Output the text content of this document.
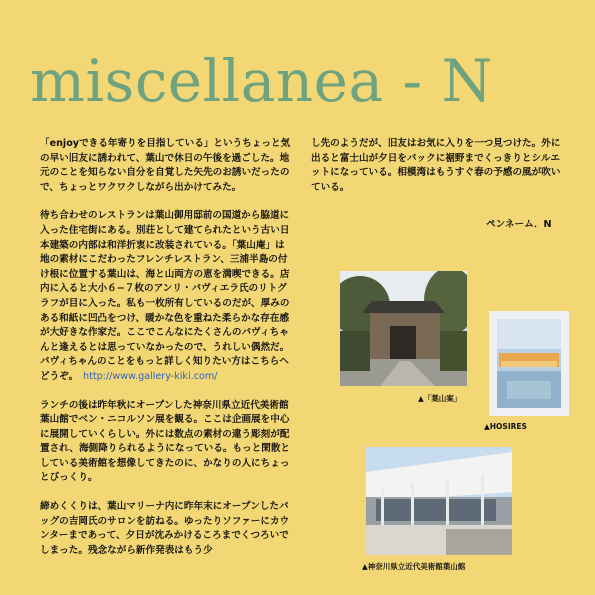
miscellanea - N

「enjoyできる年寄りを目指している」というちょっと気の早い旧友に誘われて、葉山で休日の午後を過ごした。地元のことを知らない自分を自覚した矢先のお誘いだったので、ちょっとワクワクしながら出かけてみた。

待ち合わせのレストランは葉山御用邸前の国道から脇道に入った住宅街にある。別荘として建てられたという古い日本建築の内部は和洋折衷に改装されている。「葉山庵」は地の素材にこだわったフレンチレストラン、三浦半島の付け根に位置する葉山は、海と山両方の恵を満喫できる。店内に入ると大小６−７枚のアンリ・バヴィエラ氏のリトグラフが目に入った。私も一枚所有しているのだが、厚みのある和紙に凹凸をつけ、暖かな色を重ねた柔らかな存在感が大好きな作家だ。ここでこんなにたくさんのバヴィちゃんと逢えるとは思っていなかったので、うれしい偶然だ。バヴィちゃんのことをもっと詳しく知りたい方はこちらへどうぞ。　 http://www.gallery-kiki.com/

ランチの後は昨年秋にオープンした神奈川県立近代美術館葉山館でベン・ニコルソン展を観る。ここは企画展を中心に展開していくらしい。外には数点の素材の違う彫刻が配置され、海側降りられるようになっている。もっと閑散としている美術館を想像してきたのに、かなりの人にちょっとびっくり。

締めくくりは、葉山マリーナ内に昨年末にオープンしたバッグの吉岡氏のサロンを訪ねる。ゆったりソファーにカウンターまであって、夕日が沈みかけるころまでくつろいでしまった。残念ながら新作発表はもう少

し先のようだが、旧友はお気に入りを一つ見つけた。外に出ると富士山が夕日をバックに裾野までくっきりとシルエットになっている。相模湾はもうすぐ春の予感の風が吹いている。

ペンネーム．N
▲「葉山案」
▲HOSIRES
▲神奈川県立近代美術館葉山館
